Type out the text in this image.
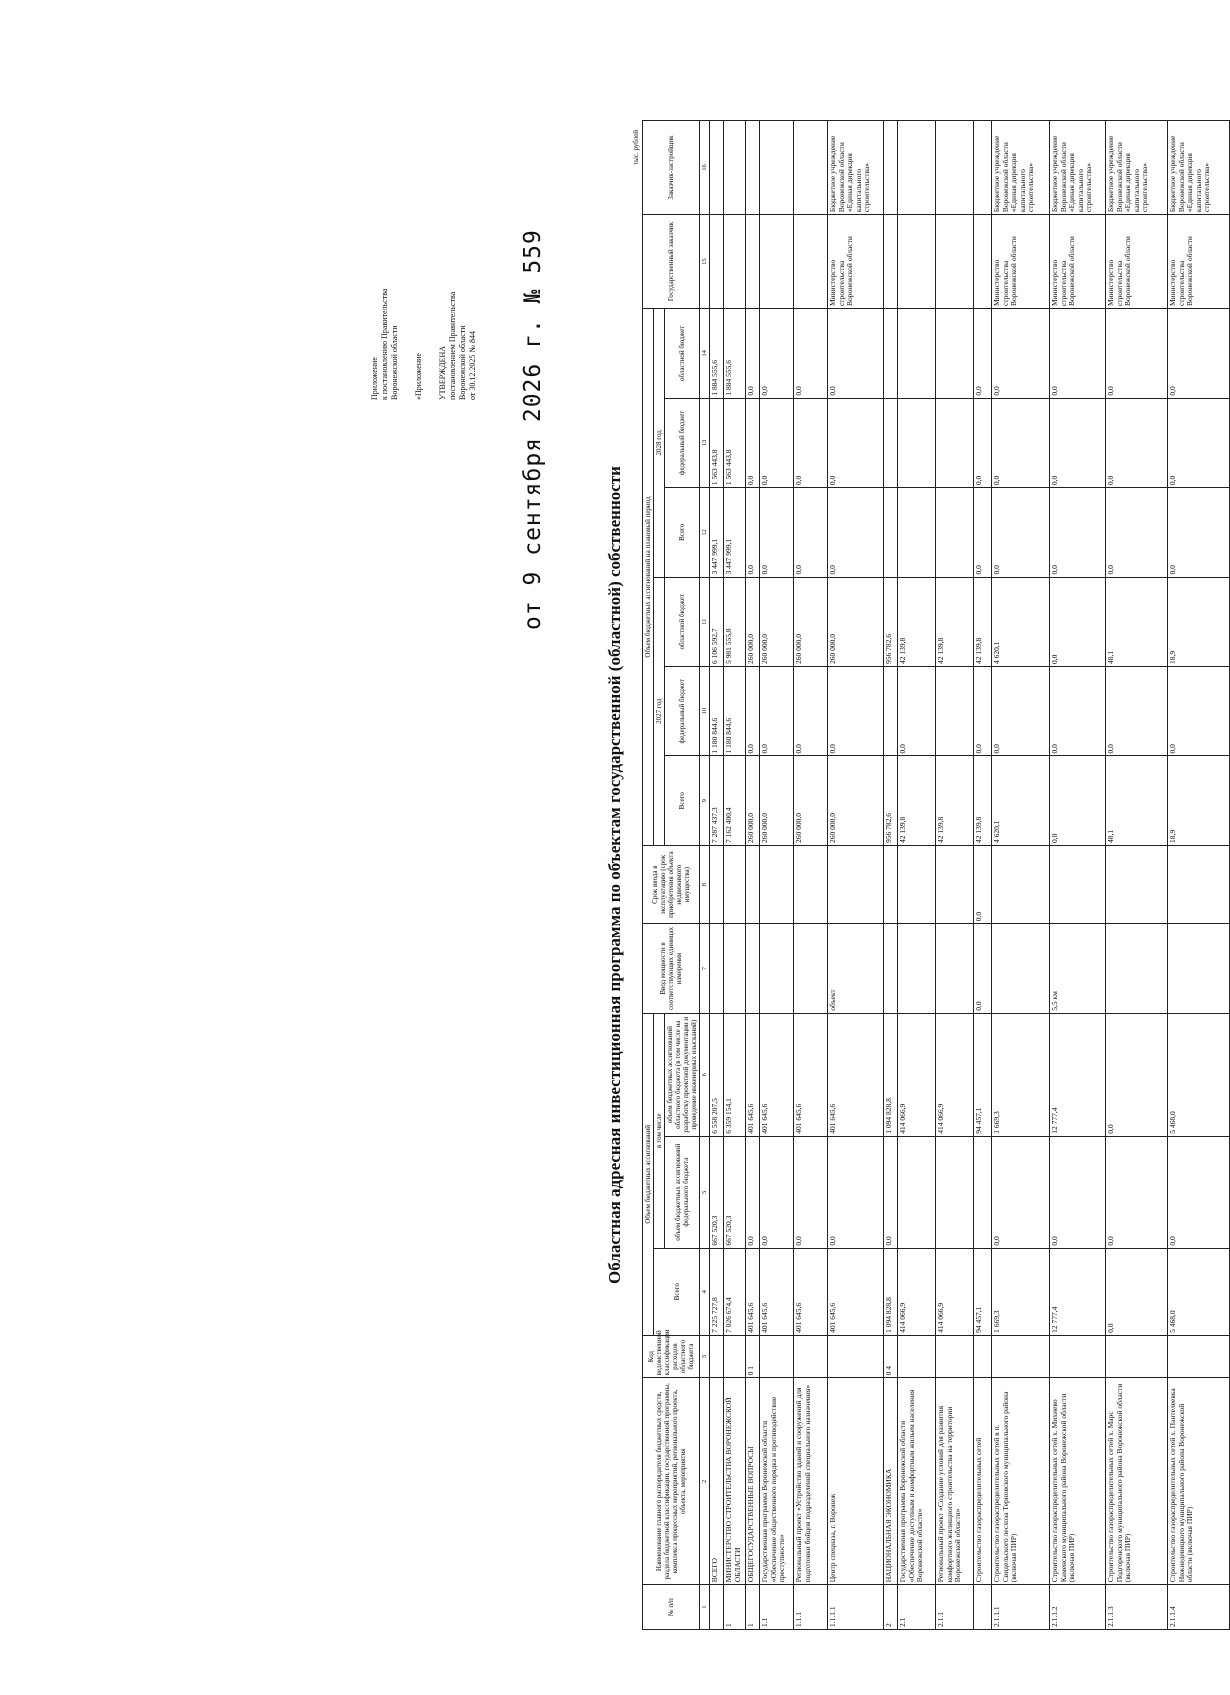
Приложение к постановлению Правительства Воронежской области «Приложение УТВЕРЖДЕНА постановлением Правительства Воронежской области от 30.12.2025 № 844 от 9 сентября 2026 г. № 559
Областная адресная инвестиционная программа по объектам государственной (областной) собственности
тыс. рублей
№ п/п	Наименование главного распорядителя бюджетных средств, раздела бюджетной классификации, государственной программы, комплекса процессных мероприятий, регионального проекта, объекта, мероприятия	Код ведомственной классификации расходов областного бюджета	Объем бюджетных ассигнований			Ввод мощности в соответствующих единицах измерения	Срок ввода в эксплуатацию (срок приобретения объекта недвижимого имущества)	Объем бюджетных ассигнований на плановый период						Государственный заказчик	Заказчик-застройщик
			Всего	в том числе				2027 год			2028 год				
				объем бюджетных ассигнований федерального бюджета	объем бюджетных ассигнований областного бюджета (в том числе на разработку проектной документации и проведение инженерных изысканий)			Всего	федеральный бюджет	областной бюджет	Всего	федеральный бюджет	областной бюджет		
1	2	3	4	5	6	7	8	9	10	11	12	13	14	15	16
	ВСЕГО		7 225 727,8	667 520,3	6 558 207,5			7 287 437,3	1 180 844,6	6 106 592,7	3 447 999,1	1 563 443,8	1 884 555,6		
1	МИНИСТЕРСТВО СТРОИТЕЛЬСТВА ВОРОНЕЖСКОЙ ОБЛАСТИ		7 026 674,4	667 520,3	6 359 154,1			7 162 400,4	1 180 844,6	5 981 555,8	3 447 999,1	1 563 443,8	1 884 555,6		
1	ОБЩЕГОСУДАРСТВЕННЫЕ ВОПРОСЫ	0 1	401 645,6	0,0	401 645,6			260 000,0	0,0	260 000,0	0,0	0,0	0,0		
1.1	Государственная программа Воронежской области «Обеспечение общественного порядка и противодействие преступности»		401 645,6	0,0	401 645,6			260 000,0	0,0	260 000,0	0,0	0,0	0,0		
1.1.1	Региональный проект «Устройство зданий и сооружений для подготовки бойцов подразделений специального назначения»		401 645,6	0,0	401 645,6			260 000,0	0,0	260 000,0	0,0	0,0	0,0		
1.1.1.1	Центр спецназа, г. Воронеж		401 645,6	0,0	401 645,6	объект		260 000,0	0,0	260 000,0	0,0	0,0	0,0	Министерство строительства Воронежской области	Бюджетное учреждение Воронежской области «Единая дирекция капитального строительства»
2	НАЦИОНАЛЬНАЯ ЭКОНОМИКА	0 4	1 094 828,8	0,0	1 094 828,8			956 782,6		956 782,6					
2.1	Государственная программа Воронежской области «Обеспечение доступным и комфортным жильем населения Воронежской области»		414 066,9		414 066,9			42 139,8	0,0	42 139,8					
2.1.1	Региональный проект «Создание условий для развития комфортного жилищного строительства на территории Воронежской области»		414 066,9		414 066,9			42 139,8		42 139,8					
	Строительство газораспределительных сетей		94 457,1		94 457,1	0,0	0,0	42 139,8	0,0	42 139,8	0,0	0,0	0,0		
2.1.1.1	Строительство газораспределительных сетей в п. Свидельского лесхоза Терновского муниципального района (включая ПИР)		1 669,3	0,0	1 669,3			4 620,1	0,0	4 620,1	0,0	0,0	0,0	Министерство строительства Воронежской области	Бюджетное учреждение Воронежской области «Единая дирекция капитального строительства»
2.1.1.2	Строительство газораспределительных сетей х. Михнево Каменского муниципального района Воронежской области (включая ПИР)		12 777,4	0,0	12 777,4	5,5 км		0,0	0,0	0,0	0,0	0,0	0,0	Министерство строительства Воронежской области	Бюджетное учреждение Воронежской области «Единая дирекция капитального строительства»
2.1.1.3	Строительство газораспределительных сетей х. Марс Подгоренского муниципального района Воронежской области (включая ПИР)		0,0	0,0	0,0			48,1	0,0	48,1	0,0	0,0	0,0	Министерство строительства Воронежской области	Бюджетное учреждение Воронежской области «Единая дирекция капитального строительства»
2.1.1.4	Строительство газораспределительных сетей х. Пантелеевка Нижнедевицкого муниципального района Воронежской области (включая ПИР)		5 468,0	0,0	5 468,0			18,9	0,0	18,9	0,0	0,0	0,0	Министерство строительства Воронежской области	Бюджетное учреждение Воронежской области «Единая дирекция капитального строительства»
